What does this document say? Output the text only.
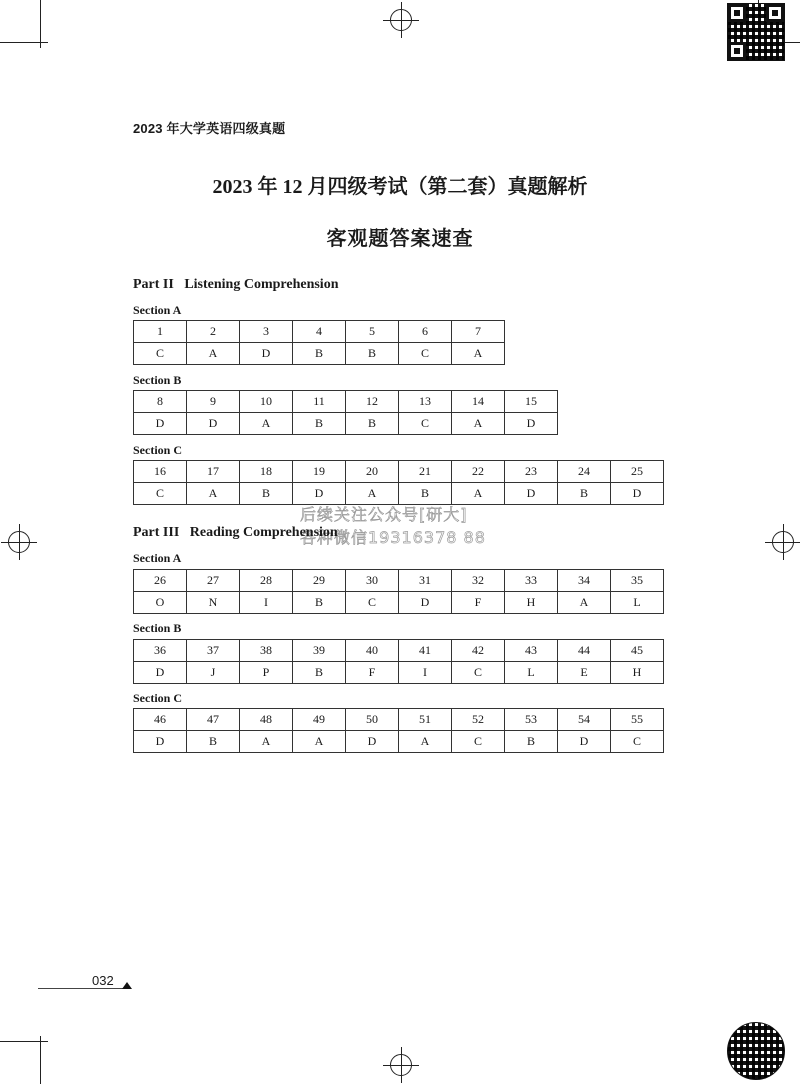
2023 年大学英语四级真题
2023 年 12 月四级考试（第二套）真题解析
客观题答案速查
Part II   Listening Comprehension
Section A
1	2	3	4	5	6	7
C	A	D	B	B	C	A
Section B
8	9	10	11	12	13	14	15
D	D	A	B	B	C	A	D
Section C
16	17	18	19	20	21	22	23	24	25
C	A	B	D	A	B	A	D	B	D
后续关注公众号[研大]
各种微信19316378 88
Part III   Reading Comprehension
Section A
26	27	28	29	30	31	32	33	34	35
O	N	I	B	C	D	F	H	A	L
Section B
36	37	38	39	40	41	42	43	44	45
D	J	P	B	F	I	C	L	E	H
Section C
46	47	48	49	50	51	52	53	54	55
D	B	A	A	D	A	C	B	D	C
032
